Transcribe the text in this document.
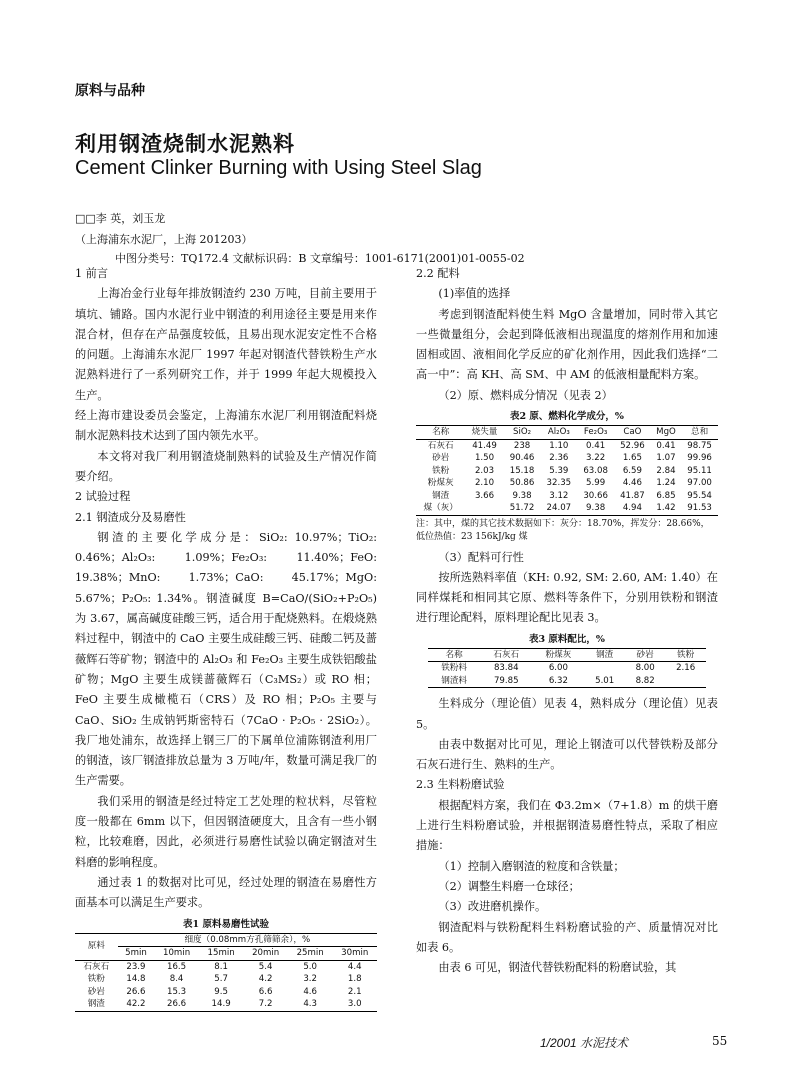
原料与品种
利用钢渣烧制水泥熟料
Cement Clinker Burning with Using Steel Slag
□□李 英，刘玉龙
（上海浦东水泥厂，上海 201203）
中图分类号：TQ172.4 文献标识码：B 文章编号：1001-6171(2001)01-0055-02

1 前言

上海冶金行业每年排放钢渣约 230 万吨，目前主要用于填坑、铺路。国内水泥行业中钢渣的利用途径主要是用来作混合材，但存在产品强度较低，且易出现水泥安定性不合格的问题。上海浦东水泥厂 1997 年起对钢渣代替铁粉生产水泥熟料进行了一系列研究工作，并于 1999 年起大规模投入生产。

经上海市建设委员会鉴定，上海浦东水泥厂利用钢渣配料烧制水泥熟料技术达到了国内领先水平。

本文将对我厂利用钢渣烧制熟料的试验及生产情况作简要介绍。

2 试验过程

2.1 钢渣成分及易磨性

钢渣的主要化学成分是：SiO₂: 10.97%；TiO₂: 0.46%；Al₂O₃: 1.09%；Fe₂O₃: 11.40%；FeO: 19.38%；MnO: 1.73%；CaO: 45.17%；MgO: 5.67%；P₂O₅: 1.34%。钢渣碱度 B=CaO/(SiO₂+P₂O₅) 为 3.67，属高碱度硅酸三钙，适合用于配烧熟料。在煅烧熟料过程中，钢渣中的 CaO 主要生成硅酸三钙、硅酸二钙及蔷薇辉石等矿物；钢渣中的 Al₂O₃ 和 Fe₂O₃ 主要生成铁铝酸盐矿物；MgO 主要生成镁蔷薇辉石（C₃MS₂）或 RO 相；FeO 主要生成橄榄石（CRS）及 RO 相；P₂O₅ 主要与 CaO、SiO₂ 生成钠钙斯密特石（7CaO · P₂O₅ · 2SiO₂）。我厂地处浦东，故选择上钢三厂的下属单位浦陈钢渣利用厂的钢渣，该厂钢渣排放总量为 3 万吨/年，数量可满足我厂的生产需要。

我们采用的钢渣是经过特定工艺处理的粒状料，尽管粒度一般都在 6mm 以下，但因钢渣硬度大，且含有一些小钢粒，比较难磨，因此，必须进行易磨性试验以确定钢渣对生料磨的影响程度。

通过表 1 的数据对比可见，经过处理的钢渣在易磨性方面基本可以满足生产要求。

表1 原料易磨性试验
原料	细度（0.08mm方孔筛筛余），%					
	5min	10min	15min	20min	25min	30min
石灰石	23.9	16.5	8.1	5.4	5.0	4.4
铁粉	14.8	8.4	5.7	4.2	3.2	1.8
砂岩	26.6	15.3	9.5	6.6	4.6	2.1
钢渣	42.2	26.6	14.9	7.2	4.3	3.0

2.2 配料

(1)率值的选择

考虑到钢渣配料使生料 MgO 含量增加，同时带入其它一些微量组分，会起到降低液相出现温度的熔剂作用和加速固相或固、液相间化学反应的矿化剂作用，因此我们选择“二高一中”：高 KH、高 SM、中 AM 的低液相量配料方案。

（2）原、燃料成分情况（见表 2）

表2 原、燃料化学成分，%
名称	烧失量	SiO₂	Al₂O₃	Fe₂O₃	CaO	MgO	总和
石灰石	41.49	238	1.10	0.41	52.96	0.41	98.75
砂岩	1.50	90.46	2.36	3.22	1.65	1.07	99.96
铁粉	2.03	15.18	5.39	63.08	6.59	2.84	95.11
粉煤灰	2.10	50.86	32.35	5.99	4.46	1.24	97.00
钢渣	3.66	9.38	3.12	30.66	41.87	6.85	95.54
煤（灰）		51.72	24.07	9.38	4.94	1.42	91.53
注：其中，煤的其它技术数据如下：灰分：18.70%，挥发分：28.66%，低位热值：23 156kJ/kg 煤

（3）配料可行性

按所选熟料率值（KH: 0.92, SM: 2.60, AM: 1.40）在同样煤耗和相同其它原、燃料等条件下，分别用铁粉和钢渣进行理论配料，原料理论配比见表 3。

表3 原料配比，%
名称	石灰石	粉煤灰	钢渣	砂岩	铁粉
铁粉料	83.84	6.00		8.00	2.16
钢渣料	79.85	6.32	5.01	8.82	

生料成分（理论值）见表 4，熟料成分（理论值）见表 5。

由表中数据对比可见，理论上钢渣可以代替铁粉及部分石灰石进行生、熟料的生产。

2.3 生料粉磨试验

根据配料方案，我们在 Φ3.2m×（7+1.8）m 的烘干磨上进行生料粉磨试验，并根据钢渣易磨性特点，采取了相应措施：

（1）控制入磨钢渣的粒度和含铁量；

（2）调整生料磨一仓球径；

（3）改进磨机操作。

钢渣配料与铁粉配料生料粉磨试验的产、质量情况对比如表 6。

由表 6 可见，钢渣代替铁粉配料的粉磨试验，其

1/2001 水泥技术	55
